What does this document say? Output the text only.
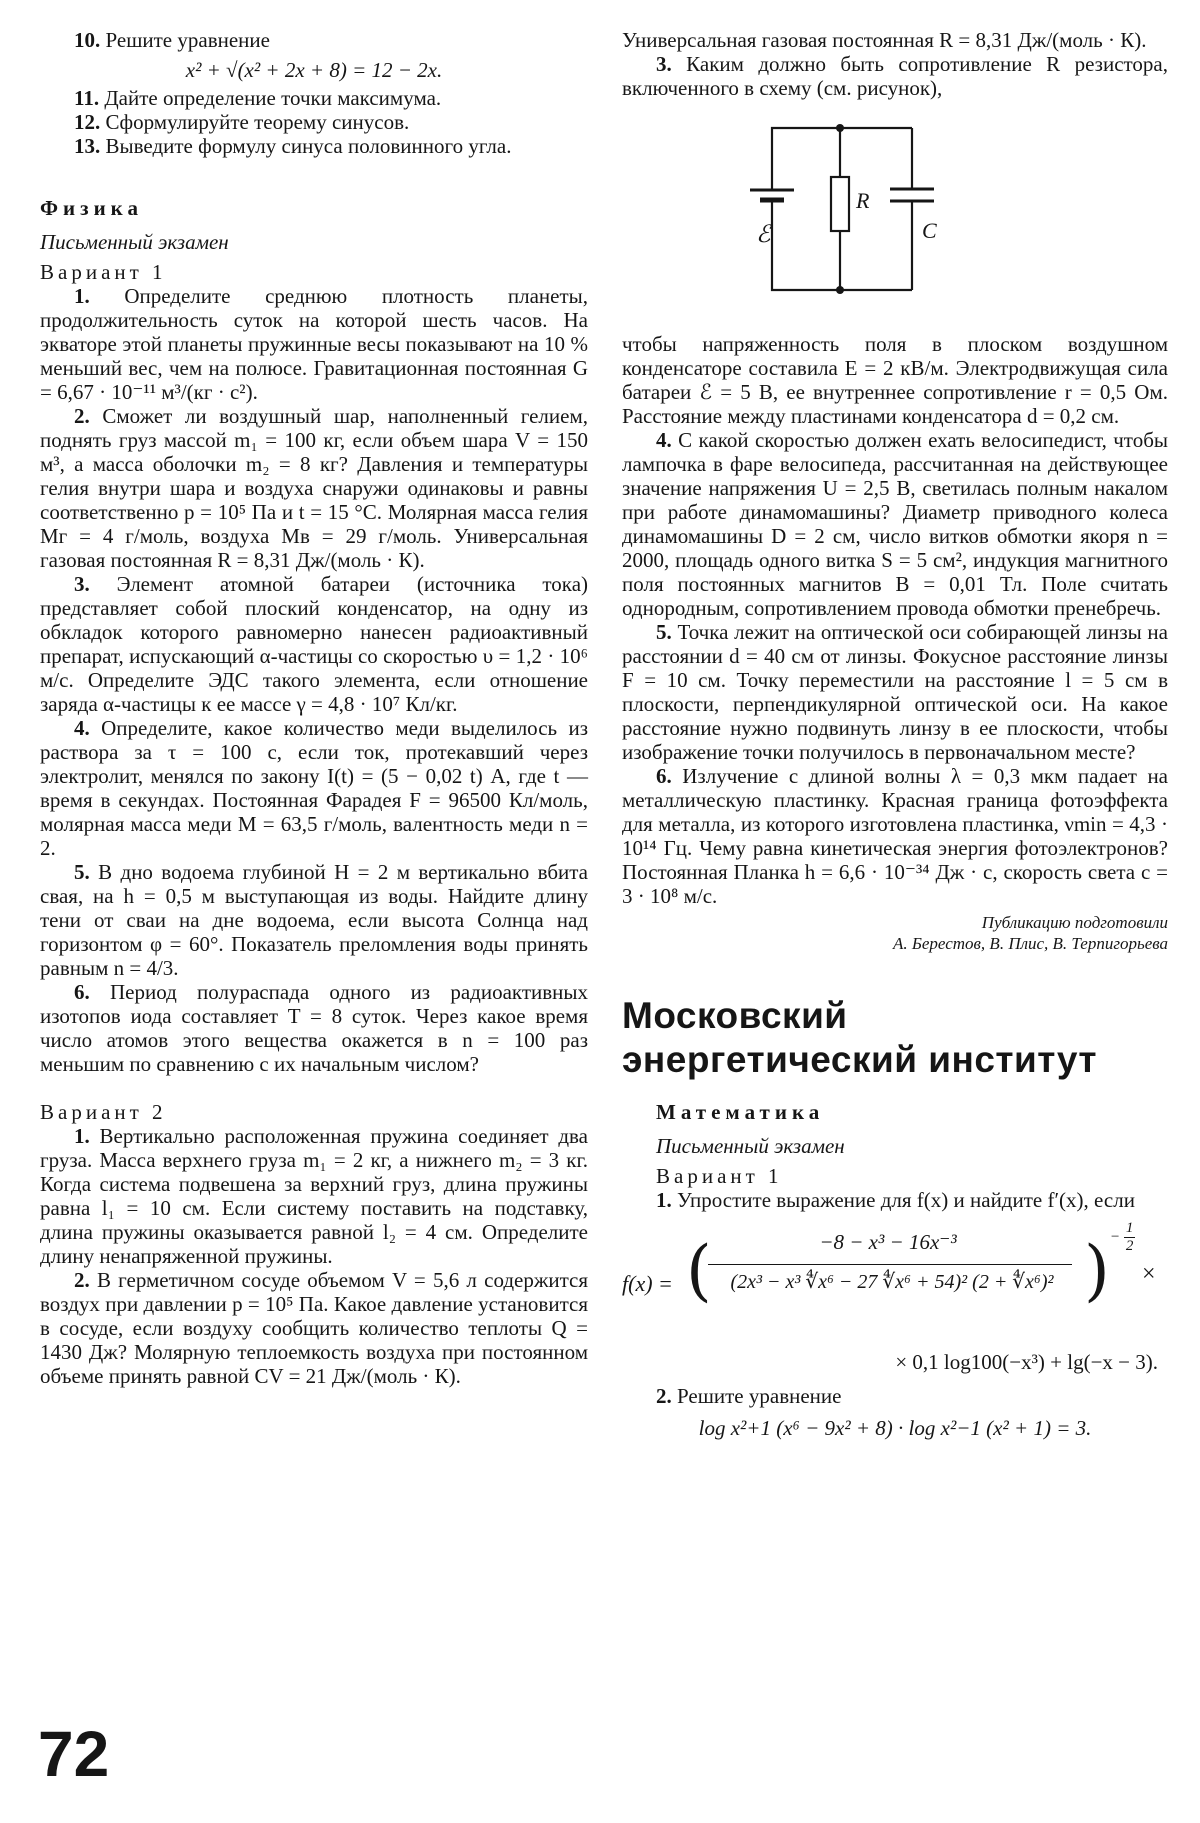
10. Решите уравнение

x² + √(x² + 2x + 8) = 12 − 2x.

11. Дайте определение точки максимума.

12. Сформулируйте теорему синусов.

13. Выведите формулу синуса половинного угла.

Физика

Письменный экзамен

Вариант 1

1. Определите среднюю плотность планеты, продолжительность суток на которой шесть часов. На экваторе этой планеты пружинные весы показывают на 10 % меньший вес, чем на полюсе. Гравитационная постоянная G = 6,67 · 10⁻¹¹ м³/(кг · с²).

2. Сможет ли воздушный шар, наполненный гелием, поднять груз массой m₁ = 100 кг, если объем шара V = 150 м³, а масса оболочки m₂ = 8 кг? Давления и температуры гелия внутри шара и воздуха снаружи одинаковы и равны соответственно p = 10⁵ Па и t = 15 °С. Молярная масса гелия Mг = 4 г/моль, воздуха Mв = 29 г/моль. Универсальная газовая постоянная R = 8,31 Дж/(моль · К).

3. Элемент атомной батареи (источника тока) представляет собой плоский конденсатор, на одну из обкладок которого равномерно нанесен радиоактивный препарат, испускающий α-частицы со скоростью υ = 1,2 · 10⁶ м/с. Определите ЭДС такого элемента, если отношение заряда α-частицы к ее массе γ = 4,8 · 10⁷ Кл/кг.

4. Определите, какое количество меди выделилось из раствора за τ = 100 с, если ток, протекавший через электролит, менялся по закону I(t) = (5 − 0,02 t) А, где t — время в секундах. Постоянная Фарадея F = 96500 Кл/моль, молярная масса меди M = 63,5 г/моль, валентность меди n = 2.

5. В дно водоема глубиной H = 2 м вертикально вбита свая, на h = 0,5 м выступающая из воды. Найдите длину тени от сваи на дне водоема, если высота Солнца над горизонтом φ = 60°. Показатель преломления воды принять равным n = 4/3.

6. Период полураспада одного из радиоактивных изотопов иода составляет T = 8 суток. Через какое время число атомов этого вещества окажется в n = 100 раз меньшим по сравнению с их начальным числом?

Вариант 2

1. Вертикально расположенная пружина соединяет два груза. Масса верхнего груза m₁ = 2 кг, а нижнего m₂ = 3 кг. Когда система подвешена за верхний груз, длина пружины равна l₁ = 10 см. Если систему поставить на подставку, длина пружины оказывается равной l₂ = 4 см. Определите длину ненапряженной пружины.

2. В герметичном сосуде объемом V = 5,6 л содержится воздух при давлении p = 10⁵ Па. Какое давление установится в сосуде, если воздуху сообщить количество теплоты Q = 1430 Дж? Молярную теплоемкость воздуха при постоянном объеме принять равной CV = 21 Дж/(моль · К).

72

Универсальная газовая постоянная R = 8,31 Дж/(моль · К).

3. Каким должно быть сопротивление R резистора, включенного в схему (см. рисунок),

ℰ
R
C

чтобы напряженность поля в плоском воздушном конденсаторе составила E = 2 кВ/м. Электродвижущая сила батареи ℰ = 5 В, ее внутреннее сопротивление r = 0,5 Ом. Расстояние между пластинами конденсатора d = 0,2 см.

4. С какой скоростью должен ехать велосипедист, чтобы лампочка в фаре велосипеда, рассчитанная на действующее значение напряжения U = 2,5 В, светилась полным накалом при работе динамомашины? Диаметр приводного колеса динамомашины D = 2 см, число витков обмотки якоря n = 2000, площадь одного витка S = 5 см², индукция магнитного поля постоянных магнитов B = 0,01 Тл. Поле считать однородным, сопротивлением провода обмотки пренебречь.

5. Точка лежит на оптической оси собирающей линзы на расстоянии d = 40 см от линзы. Фокусное расстояние линзы F = 10 см. Точку переместили на расстояние l = 5 см в плоскости, перпендикулярной оптической оси. На какое расстояние нужно подвинуть линзу в ее плоскости, чтобы изображение точки получилось в первоначальном месте?

6. Излучение с длиной волны λ = 0,3 мкм падает на металлическую пластинку. Красная граница фотоэффекта для металла, из которого изготовлена пластинка, νmin = 4,3 · 10¹⁴ Гц. Чему равна кинетическая энергия фотоэлектронов? Постоянная Планка h = 6,6 · 10⁻³⁴ Дж · с, скорость света c = 3 · 10⁸ м/с.

Публикацию подготовили

А. Берестов, В. Плис, В. Терпигорьева

Московский
энергетический институт

Математика

Письменный экзамен

Вариант 1

1. Упростите выражение для f(x) и найдите f′(x), если

f(x) = (	−8 − x³ − 16x⁻³
(2x³ − x³ ∜x⁶ − 27 ∜x⁶ + 54)² (2 + ∜x⁶)² ) − $\frac{1}{2}$
×

× 0,1 log100(−x³) + lg(−x − 3).

2. Решите уравнение

log x²+1 (x⁶ − 9x² + 8) · log x²−1 (x² + 1) = 3.
